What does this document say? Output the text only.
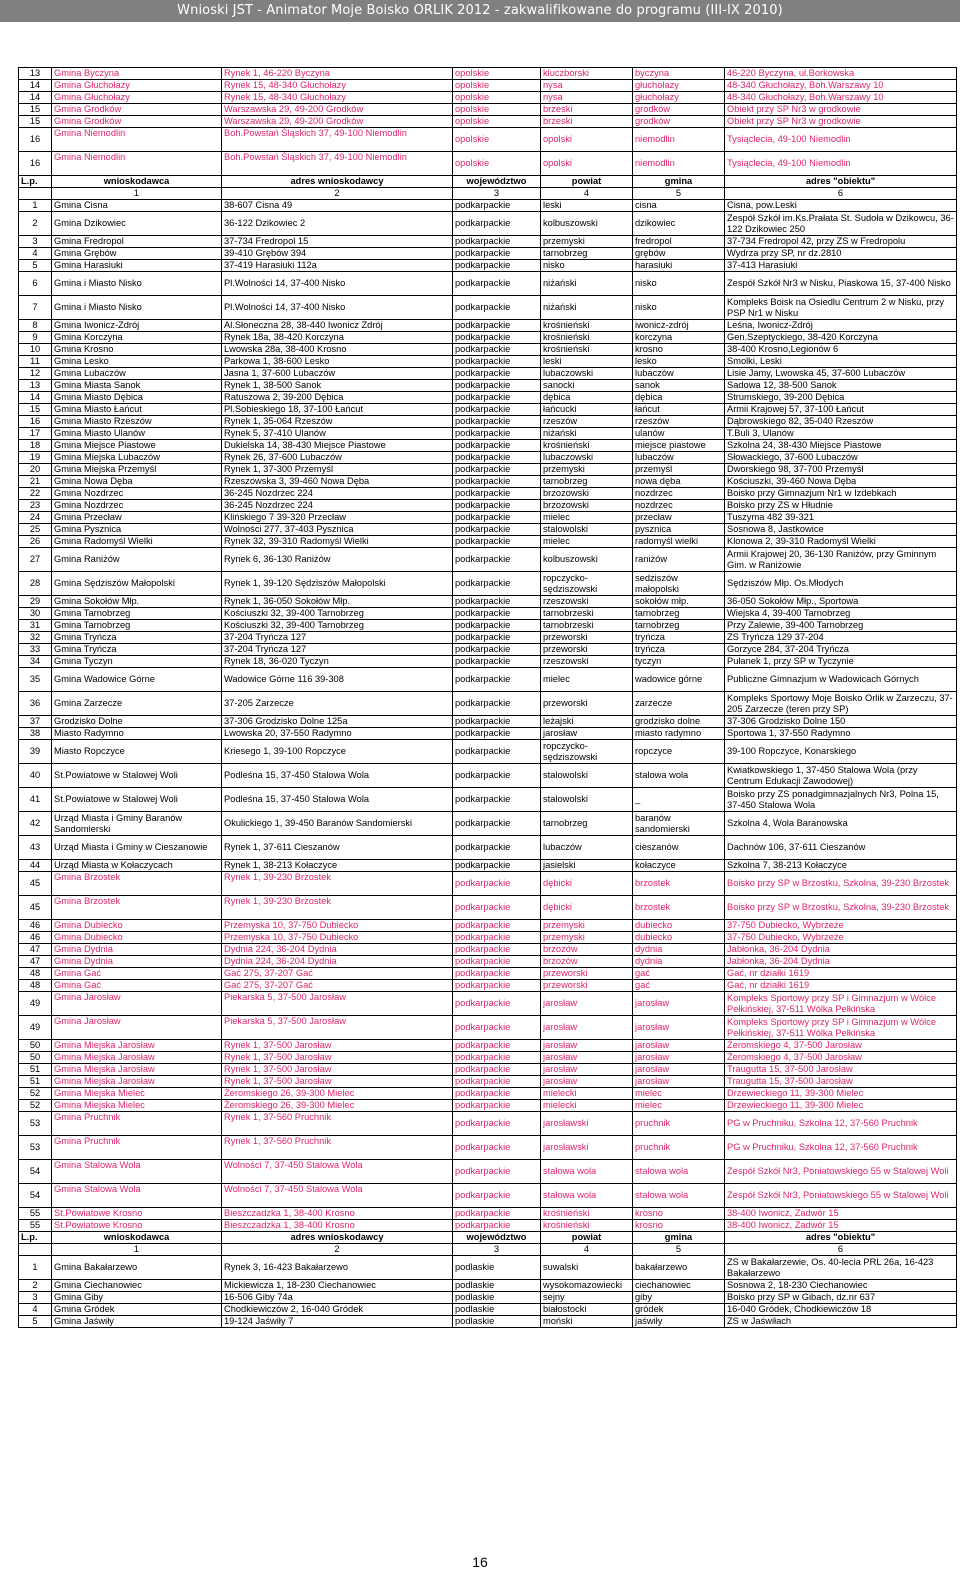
Wnioski JST - Animator Moje Boisko ORLIK 2012 - zakwalifikowane do programu (III-IX 2010)
13	Gmina Byczyna	Rynek 1, 46-220 Byczyna	opolskie	kluczborski	byczyna	46-220 Byczyna, ul.Borkowska
14	Gmina Głuchołazy	Rynek 15, 48-340 Głuchołazy	opolskie	nysa	głuchołazy	48-340 Głuchołazy, Boh.Warszawy 10
14	Gmina Głuchołazy	Rynek 15, 48-340 Głuchołazy	opolskie	nysa	głuchołazy	48-340 Głuchołazy, Boh.Warszawy 10
15	Gmina Grodków	Warszawska 29, 49-200 Grodków	opolskie	brzeski	grodków	Obiekt przy SP Nr3 w grodkowie
15	Gmina Grodków	Warszawska 29, 49-200 Grodków	opolskie	brzeski	grodków	Obiekt przy SP Nr3 w grodkowie
16	Gmina Niemodlin	Boh.Powstań Śląskich 37, 49-100 Niemodlin	opolskie	opolski	niemodlin	Tysiąclecia, 49-100 Niemodlin
16	Gmina Niemodlin	Boh.Powstań Śląskich 37, 49-100 Niemodlin	opolskie	opolski	niemodlin	Tysiąclecia, 49-100 Niemodlin
L.p.	wnioskodawca	adres wnioskodawcy	województwo	powiat	gmina	adres "obiektu"
	1	2	3	4	5	6
1	Gmina Cisna	38-607 Cisna 49	podkarpackie	leski	cisna	Cisna, pow.Leski
2	Gmina Dzikowiec	36-122 Dzikowiec 2	podkarpackie	kolbuszowski	dzikowiec	Zespół Szkół im.Ks.Prałata St. Sudoła w Dzikowcu, 36-122 Dzikowiec 250
3	Gmina Fredropol	37-734 Fredropol 15	podkarpackie	przemyski	fredropol	37-734 Fredropol 42, przy ZS w Fredropolu
4	Gmina Grębów	39-410 Grębów 394	podkarpackie	tarnobrzeg	grębów	Wydrza przy SP, nr dz.2810
5	Gmina Harasiuki	37-419 Harasiuki 112a	podkarpackie	nisko	harasiuki	37-413 Harasiuki
6	Gmina i Miasto Nisko	Pl.Wolności 14, 37-400 Nisko	podkarpackie	niżański	nisko	Zespół Szkół Nr3 w Nisku, Piaskowa 15, 37-400 Nisko
7	Gmina i Miasto Nisko	Pl.Wolności 14, 37-400 Nisko	podkarpackie	niżański	nisko	Kompleks Boisk na Osiedlu Centrum 2 w Nisku, przy PSP Nr1 w Nisku
8	Gmina Iwonicz-Zdrój	Al.Słoneczna 28, 38-440 Iwonicz Zdrój	podkarpackie	krośnieński	iwonicz-zdrój	Leśna, Iwonicz-Zdrój
9	Gmina Korczyna	Rynek 18a, 38-420 Korczyna	podkarpackie	krośnieński	korczyna	Gen.Szeptyckiego, 38-420 Korczyna
10	Gmina Krosno	Lwowska 28a, 38-400 Krosno	podkarpackie	krośnieński	krosno	38-400 Krosno,Legionów 6
11	Gmina Lesko	Parkowa 1, 38-600 Lesko	podkarpackie	leski	lesko	Smolki, Leski
12	Gmina Lubaczów	Jasna 1, 37-600 Lubaczów	podkarpackie	lubaczowski	lubaczów	Lisie Jamy, Lwowska 45, 37-600 Lubaczów
13	Gmina Miasta Sanok	Rynek 1, 38-500 Sanok	podkarpackie	sanocki	sanok	Sadowa 12, 38-500 Sanok
14	Gmina Miasto Dębica	Ratuszowa 2, 39-200 Dębica	podkarpackie	dębica	dębica	Strumskiego, 39-200 Dębica
15	Gmina Miasto Łańcut	Pl.Sobieskiego 18, 37-100 Łańcut	podkarpackie	łańcucki	łańcut	Armii Krajowej 57, 37-100 Łańcut
16	Gmina Miasto Rzeszów	Rynek 1, 35-064 Rzeszów	podkarpackie	rzeszów	rzeszów	Dąbrowskiego 82, 35-040 Rzeszów
17	Gmina Miasto Ulanów	Rynek 5, 37-410 Ulanów	podkarpackie	niżański	ulanów	T.Buli 3, Ulanów
18	Gmina Miejsce Piastowe	Dukielska 14, 38-430 Miejsce Piastowe	podkarpackie	krośnieński	miejsce piastowe	Szkolna 24, 38-430 Miejsce Piastowe
19	Gmina Miejska Lubaczów	Rynek 26, 37-600 Lubaczów	podkarpackie	lubaczowski	lubaczów	Słowackiego, 37-600 Lubaczów
20	Gmina Miejska Przemyśl	Rynek 1, 37-300 Przemyśl	podkarpackie	przemyski	przemyśl	Dworskiego 98, 37-700 Przemyśl
21	Gmina Nowa Dęba	Rzeszowska 3, 39-460 Nowa Dęba	podkarpackie	tarnobrzeg	nowa dęba	Kościuszki, 39-460 Nowa Dęba
22	Gmina Nozdrzec	36-245 Nozdrzec 224	podkarpackie	brzozowski	nozdrzec	Boisko przy Gimnazjum Nr1 w Izdebkach
23	Gmina Nozdrzec	36-245 Nozdrzec 224	podkarpackie	brzozowski	nozdrzec	Boisko przy ZS w Hłudnie
24	Gmina Przecław	Klińskiego 7 39-320 Przecław	podkarpackie	mielec	przecław	Tuszyma 482 39-321
25	Gmina Pysznica	Wolności 277, 37-403 Pysznica	podkarpackie	stalowolski	pysznica	Sosnowa 8, Jastkowice
26	Gmina Radomyśl Wielki	Rynek 32, 39-310 Radomyśl Wielki	podkarpackie	mielec	radomyśl wielki	Klonowa 2, 39-310 Radomyśl Wielki
27	Gmina Raniżów	Rynek 6, 36-130 Raniżów	podkarpackie	kolbuszowski	raniżów	Armii Krajowej 20, 36-130 Raniżów, przy Gminnym Gim. w Raniżowie
28	Gmina Sędziszów Małopolski	Rynek 1, 39-120 Sędziszów Małopolski	podkarpackie	ropczycko-sędziszowski	sedziszów małopolski	Sędziszów Młp. Os.Młodych
29	Gmina Sokołów Młp.	Rynek 1, 36-050 Sokołów Młp.	podkarpackie	rzeszowski	sokołów młp.	36-050 Sokołów Młp., Sportowa
30	Gmina Tarnobrzeg	Kościuszki 32, 39-400 Tarnobrzeg	podkarpackie	tarnobrzeski	tarnobrzeg	Wiejska 4, 39-400 Tarnobrzeg
31	Gmina Tarnobrzeg	Kościuszki 32, 39-400 Tarnobrzeg	podkarpackie	tarnobrzeski	tarnobrzeg	Przy Zalewie, 39-400 Tarnobrzeg
32	Gmina Tryńcza	37-204 Tryńcza 127	podkarpackie	przeworski	tryńcza	ZS Tryńcza 129 37-204
33	Gmina Tryńcza	37-204 Tryńcza 127	podkarpackie	przeworski	tryńcza	Gorzyce 284, 37-204 Tryńcza
34	Gmina Tyczyn	Rynek 18, 36-020 Tyczyn	podkarpackie	rzeszowski	tyczyn	Pułanek 1, przy SP w Tyczynie
35	Gmina Wadowice Górne	Wadowice Górne 116 39-308	podkarpackie	mielec	wadowice górne	Publiczne Gimnazjum w Wadowicach Górnych
36	Gmina Zarzecze	37-205 Zarzecze	podkarpackie	przeworski	zarzecze	Kompleks Sportowy Moje Boisko Orlik w Zarzeczu, 37-205 Zarzecze (teren przy SP)
37	Grodzisko Dolne	37-306 Grodzisko Dolne 125a	podkarpackie	leżajski	grodzisko dolne	37-306 Grodzisko Dolne 150
38	Miasto Radymno	Lwowska 20, 37-550 Radymno	podkarpackie	jarosław	miasto radymno	Sportowa 1, 37-550 Radymno
39	Miasto Ropczyce	Kriesego 1, 39-100 Ropczyce	podkarpackie	ropczycko-sędziszowski	ropczyce	39-100 Ropczyce, Konarskiego
40	St.Powiatowe w Stalowej Woli	Podleśna 15, 37-450 Stalowa Wola	podkarpackie	stalowolski	stalowa wola	Kwiatkowskiego 1, 37-450 Stalowa Wola (przy Centrum Edukacji Zawodowej)
41	St.Powiatowe w Stalowej Woli	Podleśna 15, 37-450 Stalowa Wola	podkarpackie	stalowolski	_	Boisko przy ZS ponadgimnazjalnych Nr3, Polna 15, 37-450 Stalowa Wola
42	Urząd Miasta i Gminy Baranów Sandomierski	Okulickiego 1, 39-450 Baranów Sandomierski	podkarpackie	tarnobrzeg	baranów sandomierski	Szkolna 4, Wola Baranowska
43	Urząd Miasta i Gminy w Cieszanowie	Rynek 1, 37-611 Cieszanów	podkarpackie	lubaczów	cieszanów	Dachnów 106, 37-611 Cieszanów
44	Urząd Miasta w Kołaczycach	Rynek 1, 38-213 Kołaczyce	podkarpackie	jasielski	kołaczyce	Szkolna 7, 38-213 Kołaczyce
45	Gmina Brzostek	Rynek 1, 39-230 Brzostek	podkarpackie	dębicki	brzostek	Boisko przy SP w Brzostku, Szkolna, 39-230 Brzostek
45	Gmina Brzostek	Rynek 1, 39-230 Brzostek	podkarpackie	dębicki	brzostek	Boisko przy SP w Brzostku, Szkolna, 39-230 Brzostek
46	Gmina Dubiecko	Przemyska 10, 37-750 Dubiecko	podkarpackie	przemyski	dubiecko	37-750 Dubiecko, Wybrzeże
46	Gmina Dubiecko	Przemyska 10, 37-750 Dubiecko	podkarpackie	przemyski	dubiecko	37-750 Dubiecko, Wybrzeże
47	Gmina Dydnia	Dydnia 224, 36-204 Dydnia	podkarpackie	brzozów	dydnia	Jabłonka, 36-204 Dydnia
47	Gmina Dydnia	Dydnia 224, 36-204 Dydnia	podkarpackie	brzozów	dydnia	Jabłonka, 36-204 Dydnia
48	Gmina Gać	Gać 275, 37-207 Gać	podkarpackie	przeworski	gać	Gać, nr działki 1619
48	Gmina Gać	Gać 275, 37-207 Gać	podkarpackie	przeworski	gać	Gać, nr działki 1619
49	Gmina Jarosław	Piekarska 5, 37-500 Jarosław	podkarpackie	jarosław	jarosław	Kompleks Sportowy przy SP i Gimnazjum w Wólce Pełkińskiej, 37-511 Wólka Pełkińska
49	Gmina Jarosław	Piekarska 5, 37-500 Jarosław	podkarpackie	jarosław	jarosław	Kompleks Sportowy przy SP i Gimnazjum w Wólce Pełkińskiej, 37-511 Wólka Pełkińska
50	Gmina Miejska Jarosław	Rynek 1, 37-500 Jarosław	podkarpackie	jarosław	jarosław	Żeromskiego 4, 37-500 Jarosław
50	Gmina Miejska Jarosław	Rynek 1, 37-500 Jarosław	podkarpackie	jarosław	jarosław	Żeromskiego 4, 37-500 Jarosław
51	Gmina Miejska Jarosław	Rynek 1, 37-500 Jarosław	podkarpackie	jarosław	jarosław	Traugutta 15, 37-500 Jarosław
51	Gmina Miejska Jarosław	Rynek 1, 37-500 Jarosław	podkarpackie	jarosław	jarosław	Traugutta 15, 37-500 Jarosław
52	Gmina Miejska Mielec	Żeromskiego 26, 39-300 Mielec	podkarpackie	mielecki	mielec	Drzewieckiego 11, 39-300 Mielec
52	Gmina Miejska Mielec	Żeromskiego 26, 39-300 Mielec	podkarpackie	mielecki	mielec	Drzewieckiego 11, 39-300 Mielec
53	Gmina Pruchnik	Rynek 1, 37-560 Pruchnik	podkarpackie	jarosławski	pruchnik	PG w Pruchniku, Szkolna 12, 37-560 Pruchnik
53	Gmina Pruchnik	Rynek 1, 37-560 Pruchnik	podkarpackie	jarosławski	pruchnik	PG w Pruchniku, Szkolna 12, 37-560 Pruchnik
54	Gmina Stalowa Wola	Wolności 7, 37-450 Stalowa Wola	podkarpackie	stalowa wola	stalowa wola	Zespół Szkół Nr3, Poniatowskiego 55 w Stalowej Woli
54	Gmina Stalowa Wola	Wolności 7, 37-450 Stalowa Wola	podkarpackie	stalowa wola	stalowa wola	Zespół Szkół Nr3, Poniatowskiego 55 w Stalowej Woli
55	St.Powiatowe Krosno	Bieszczadzka 1, 38-400 Krosno	podkarpackie	krośnieński	krosno	38-400 Iwonicz, Zadwór 15
55	St.Powiatowe Krosno	Bieszczadzka 1, 38-400 Krosno	podkarpackie	krośnieński	krosno	38-400 Iwonicz, Zadwór 15
L.p.	wnioskodawca	adres wnioskodawcy	województwo	powiat	gmina	adres "obiektu"
	1	2	3	4	5	6
1	Gmina Bakałarzewo	Rynek 3, 16-423 Bakałarzewo	podlaskie	suwalski	bakałarzewo	ZS w Bakałarzewie, Os. 40-lecia PRL 26a, 16-423 Bakałarzewo
2	Gmina Ciechanowiec	Mickiewicza 1, 18-230 Ciechanowiec	podlaskie	wysokomazowiecki	ciechanowiec	Sosnowa 2, 18-230 Ciechanowiec
3	Gmina Giby	16-506 Giby 74a	podlaskie	sejny	giby	Boisko przy SP w Gibach, dz.nr 637
4	Gmina Gródek	Chodkiewiczów 2, 16-040 Gródek	podlaskie	białostocki	gródek	16-040 Gródek, Chodkiewiczów 18
5	Gmina Jaświły	19-124 Jaświły 7	podlaskie	moński	jaświły	ZS w Jaświłach
16
